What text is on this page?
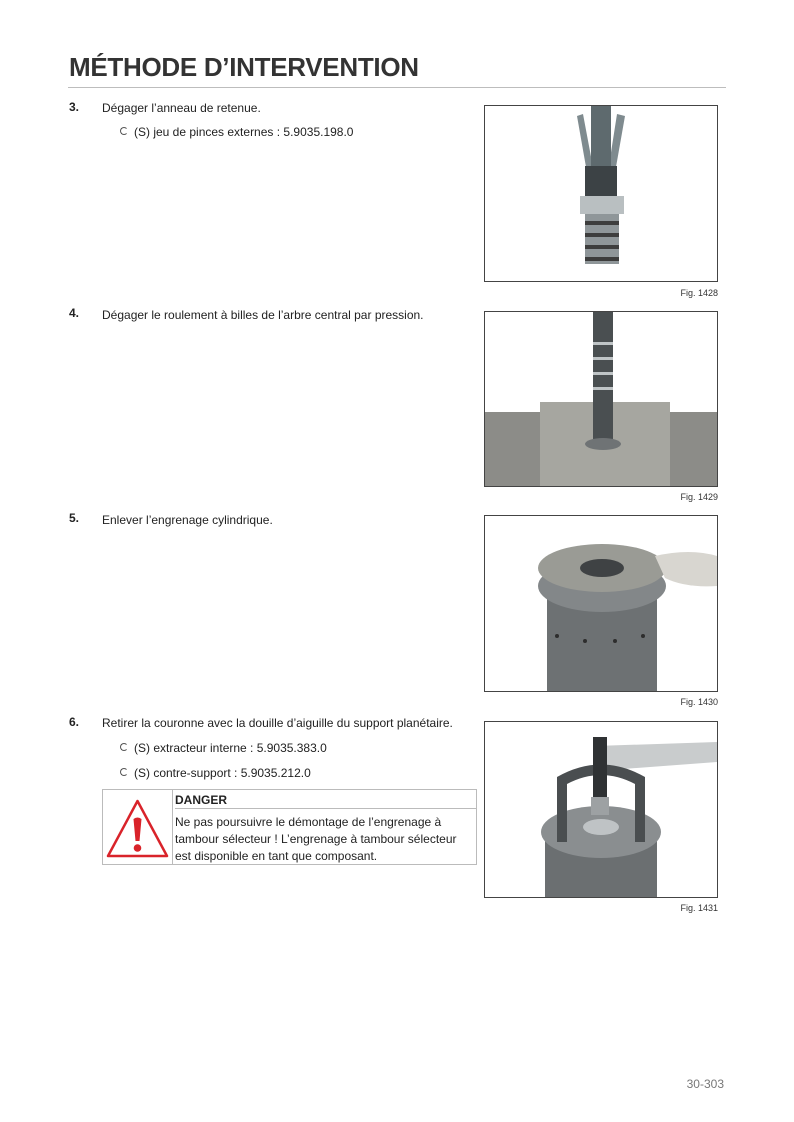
MÉTHODE D’INTERVENTION
3. Dégager l’anneau de retenue.
(S) jeu de pinces externes : 5.9035.198.0
Fig. 1428
4. Dégager le roulement à billes de l’arbre central par pression.
Fig. 1429
5. Enlever l’engrenage cylindrique.
Fig. 1430
6. Retirer la couronne avec la douille d’aiguille du support planétaire.
(S) extracteur interne : 5.9035.383.0
(S) contre-support : 5.9035.212.0
DANGER
Ne pas poursuivre le démontage de l’engrenage à tambour sélecteur ! L’engrenage à tambour sélecteur est disponible en tant que composant.
Fig. 1431
30-303
